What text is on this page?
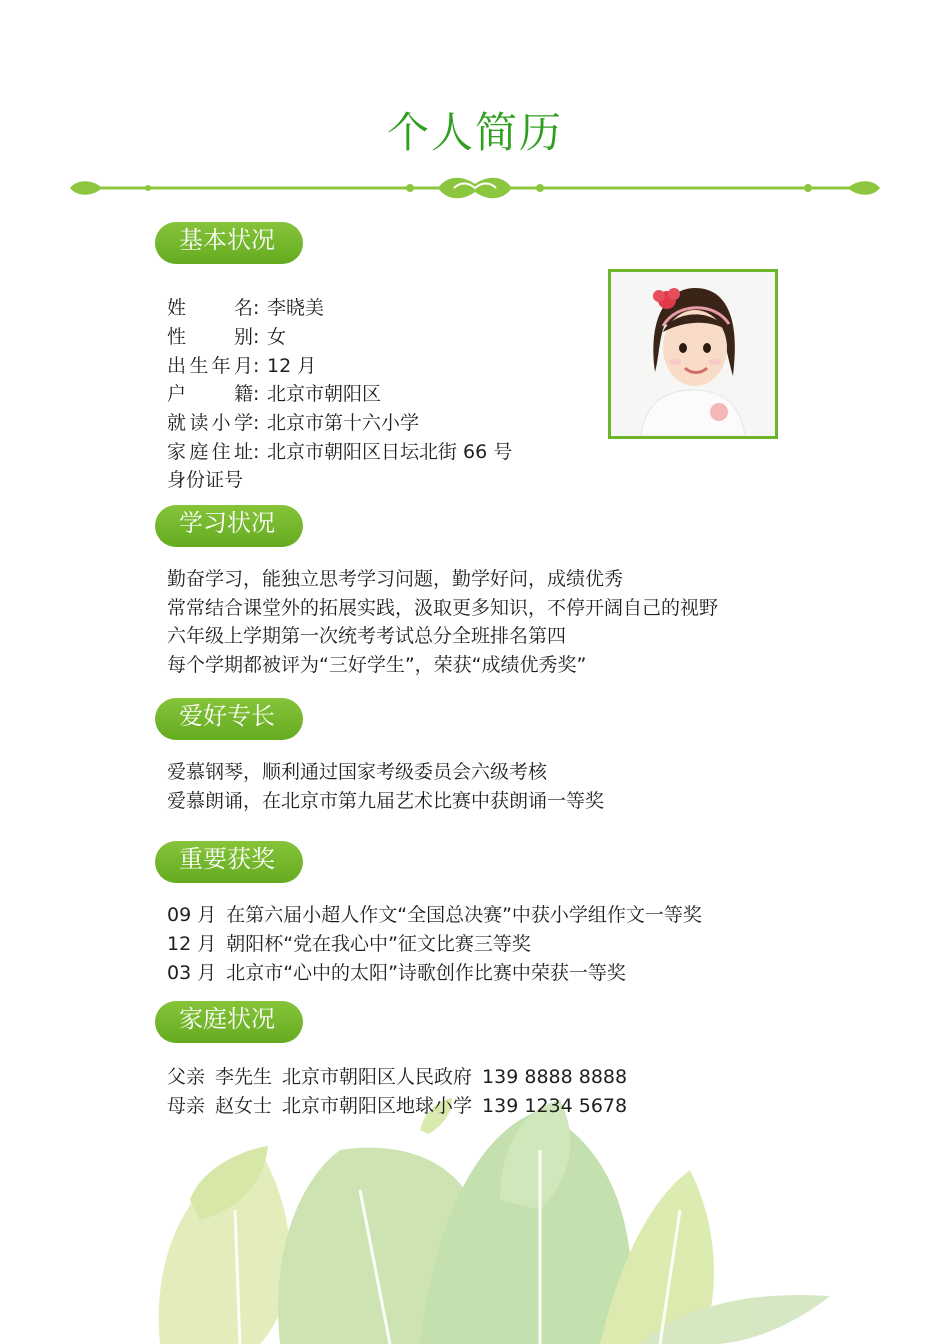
个人简历
基本状况
姓名: 李晓美
性别: 女
出生年月: 12 月
户籍: 北京市朝阳区
就读小学: 北京市第十六小学
家庭住址: 北京市朝阳区日坛北街 66 号
身份证号
学习状况
勤奋学习，能独立思考学习问题，勤学好问，成绩优秀
常常结合课堂外的拓展实践，汲取更多知识，不停开阔自己的视野
六年级上学期第一次统考考试总分全班排名第四
每个学期都被评为“三好学生”，荣获“成绩优秀奖”
爱好专长
爱慕钢琴，顺利通过国家考级委员会六级考核
爱慕朗诵，在北京市第九届艺术比赛中获朗诵一等奖
重要获奖
09 月 在第六届小超人作文“全国总决赛”中获小学组作文一等奖
12 月 朝阳杯“党在我心中”征文比赛三等奖
03 月 北京市“心中的太阳”诗歌创作比赛中荣获一等奖
家庭状况
父亲 李先生 北京市朝阳区人民政府 139 8888 8888
母亲 赵女士 北京市朝阳区地球小学 139 1234 5678
